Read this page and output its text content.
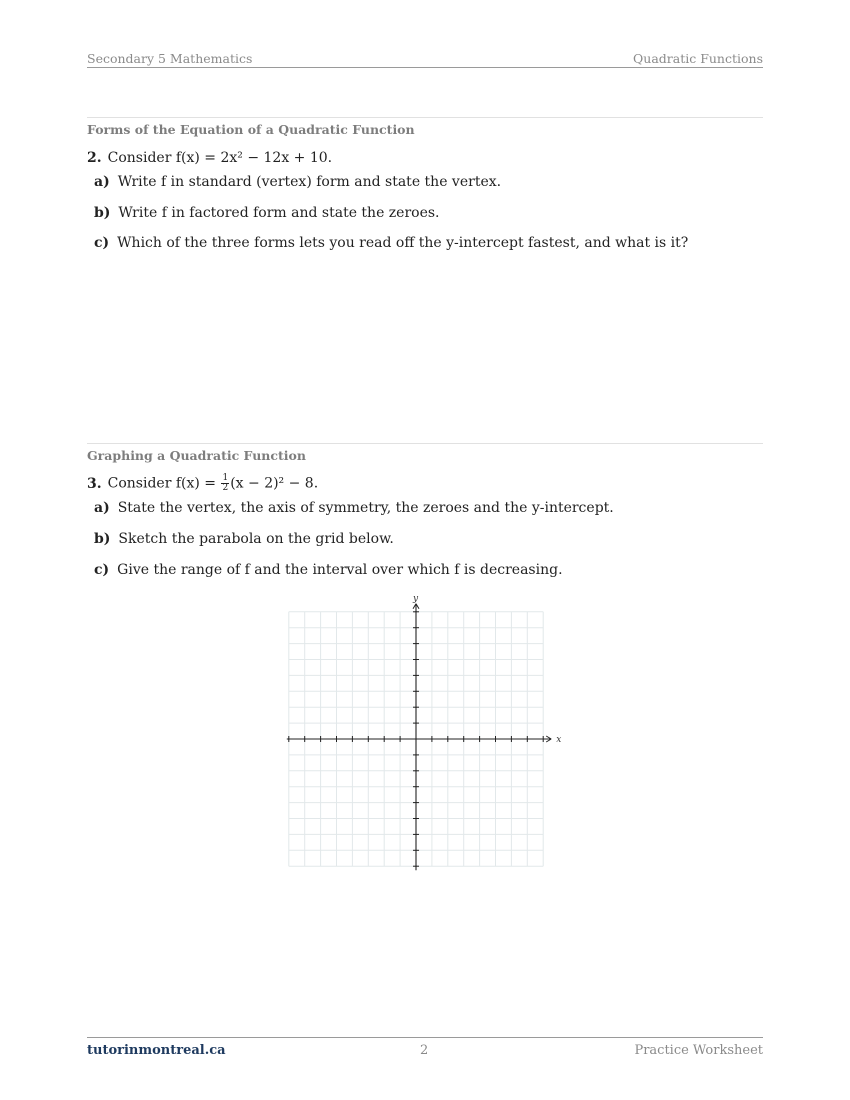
Secondary 5 Mathematics	Quadratic Functions
Forms of the Equation of a Quadratic Function
2. Consider f(x) = 2x² − 12x + 10.
a) Write f in standard (vertex) form and state the vertex.
b) Write f in factored form and state the zeroes.
c) Which of the three forms lets you read off the y-intercept fastest, and what is it?
Graphing a Quadratic Function
3. Consider $f(x) = \frac{1}{2} (x - 2)^2 - 8$.
a) State the vertex, the axis of symmetry, the zeroes and the y-intercept.
b) Sketch the parabola on the grid below.
c) Give the range of f and the interval over which f is decreasing.
x
y
tutorinmontreal.ca	2	Practice Worksheet
